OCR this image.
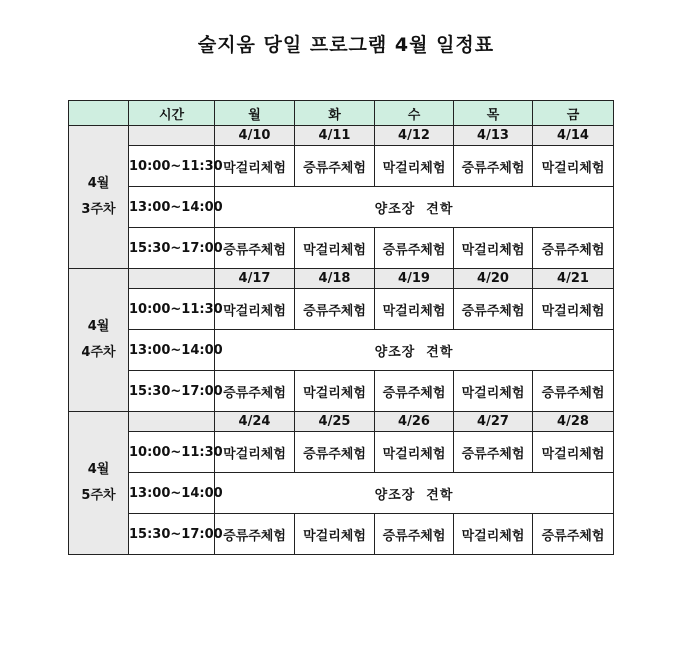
술지움 당일 프로그램 4월 일정표
	시간	월	화	수	목	금

4월
3주차		4/10	4/11	4/12	4/13	4/14
	10:00~11:30	막걸리체험	증류주체험	막걸리체험	증류주체험	막걸리체험
	13:00~14:00	양조장  견학				
	15:30~17:00	증류주체험	막걸리체험	증류주체험	막걸리체험	증류주체험

4월
4주차		4/17	4/18	4/19	4/20	4/21
	10:00~11:30	막걸리체험	증류주체험	막걸리체험	증류주체험	막걸리체험
	13:00~14:00	양조장  견학				
	15:30~17:00	증류주체험	막걸리체험	증류주체험	막걸리체험	증류주체험

4월
5주차		4/24	4/25	4/26	4/27	4/28
	10:00~11:30	막걸리체험	증류주체험	막걸리체험	증류주체험	막걸리체험
	13:00~14:00	양조장  견학				
	15:30~17:00	증류주체험	막걸리체험	증류주체험	막걸리체험	증류주체험
